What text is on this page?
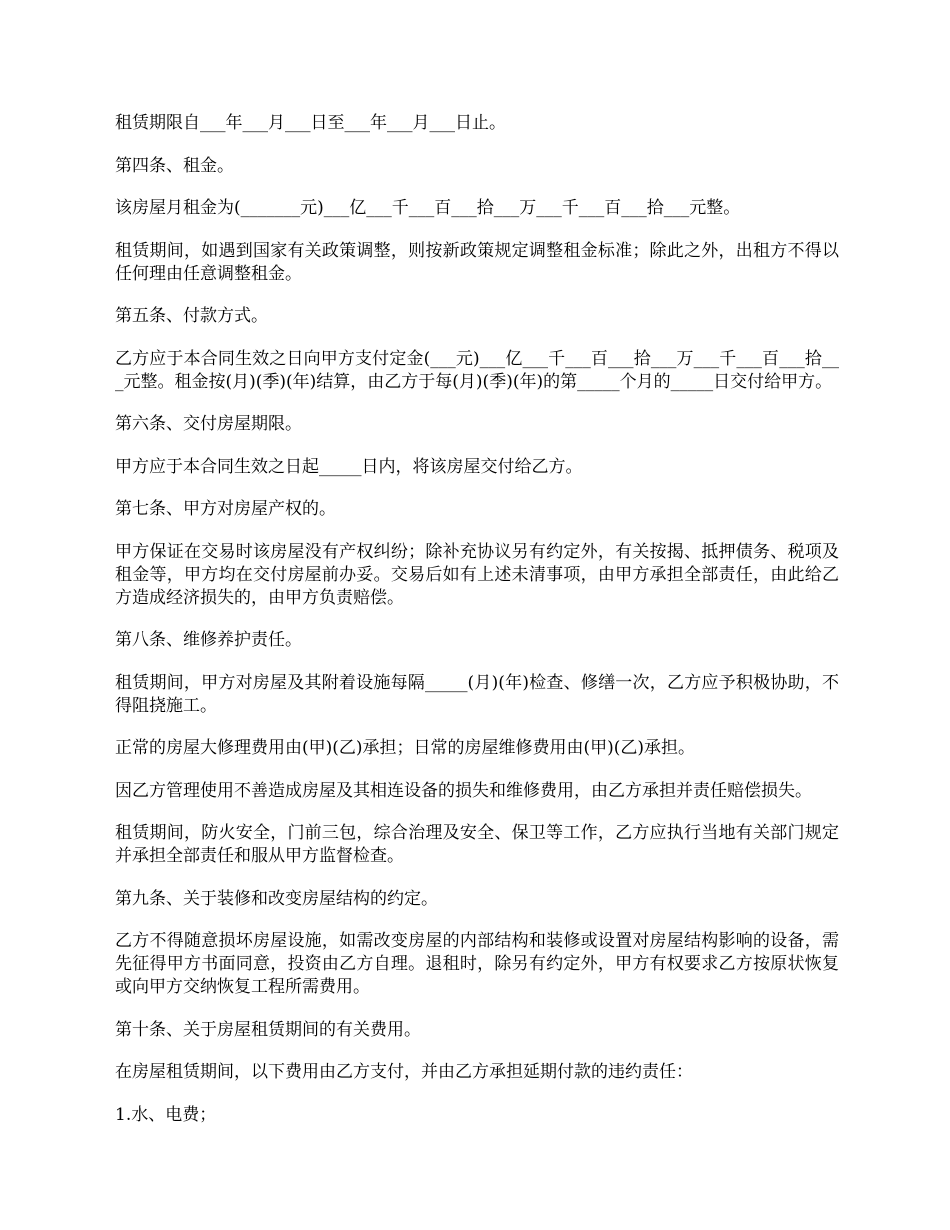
租赁期限自___年___月___日至___年___月___日止。

第四条、租金。

该房屋月租金为(_______元)___亿___千___百___拾___万___千___百___拾___元整。

租赁期间，如遇到国家有关政策调整，则按新政策规定调整租金标准；除此之外，出租方不得以任何理由任意调整租金。

第五条、付款方式。

乙方应于本合同生效之日向甲方支付定金(___元)___亿___千___百___拾___万___千___百___拾___元整。租金按(月)(季)(年)结算，由乙方于每(月)(季)(年)的第_____个月的_____日交付给甲方。

第六条、交付房屋期限。

甲方应于本合同生效之日起_____日内，将该房屋交付给乙方。

第七条、甲方对房屋产权的。

甲方保证在交易时该房屋没有产权纠纷；除补充协议另有约定外，有关按揭、抵押债务、税项及租金等，甲方均在交付房屋前办妥。交易后如有上述未清事项，由甲方承担全部责任，由此给乙方造成经济损失的，由甲方负责赔偿。

第八条、维修养护责任。

租赁期间，甲方对房屋及其附着设施每隔_____(月)(年)检查、修缮一次，乙方应予积极协助，不得阻挠施工。

正常的房屋大修理费用由(甲)(乙)承担；日常的房屋维修费用由(甲)(乙)承担。

因乙方管理使用不善造成房屋及其相连设备的损失和维修费用，由乙方承担并责任赔偿损失。

租赁期间，防火安全，门前三包，综合治理及安全、保卫等工作，乙方应执行当地有关部门规定并承担全部责任和服从甲方监督检查。

第九条、关于装修和改变房屋结构的约定。

乙方不得随意损坏房屋设施，如需改变房屋的内部结构和装修或设置对房屋结构影响的设备，需先征得甲方书面同意，投资由乙方自理。退租时，除另有约定外，甲方有权要求乙方按原状恢复或向甲方交纳恢复工程所需费用。

第十条、关于房屋租赁期间的有关费用。

在房屋租赁期间，以下费用由乙方支付，并由乙方承担延期付款的违约责任：

1.水、电费；
